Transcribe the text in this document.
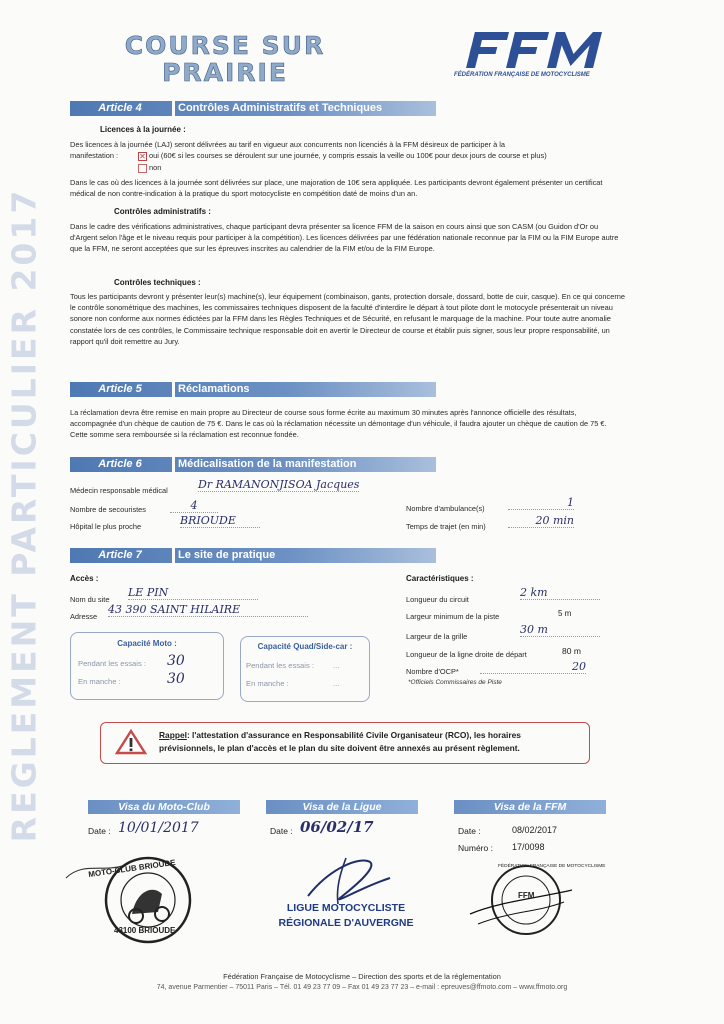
REGLEMENT PARTICULIER 2017
COURSE SUR
PRAIRIE	FÉDÉRATION FRANÇAISE DE MOTOCYCLISME
Article 4	Contrôles Administratifs et Techniques
Licences à la journée :
Des licences à la journée (LAJ) seront délivrées au tarif en vigueur aux concurrents non licenciés à la FFM désireux de participer à la
manifestation :	✕ oui (60€ si les courses se déroulent sur une journée, y compris essais la veille ou 100€ pour deux jours de course et plus)
non
Dans le cas où des licences à la journée sont délivrées sur place, une majoration de 10€ sera appliquée. Les participants devront également présenter un certificat médical de non contre-indication à la pratique du sport motocycliste en compétition daté de moins d'un an.
Contrôles administratifs :
Dans le cadre des vérifications administratives, chaque participant devra présenter sa licence FFM de la saison en cours ainsi que son CASM (ou Guidon d'Or ou d'Argent selon l'âge et le niveau requis pour participer à la compétition). Les licences délivrées par une fédération nationale reconnue par la FIM ou la FIM Europe autre que la FFM, ne seront acceptées que sur les épreuves inscrites au calendrier de la FIM et/ou de la FIM Europe.
Contrôles techniques :
Tous les participants devront y présenter leur(s) machine(s), leur équipement (combinaison, gants, protection dorsale, dossard, botte de cuir, casque). En ce qui concerne le contrôle sonométrique des machines, les commissaires techniques disposent de la faculté d'interdire le départ à tout pilote dont le motocycle présenterait un niveau sonore non conforme aux normes édictées par la FFM dans les Règles Techniques et de Sécurité, en refusant le marquage de la machine. Pour toute autre anomalie constatée lors de ces contrôles, le Commissaire technique responsable doit en avertir le Directeur de course et établir puis signer, sous leur propre responsabilité, un rapport qu'il doit remettre au Jury.
Article 5	Réclamations
La réclamation devra être remise en main propre au Directeur de course sous forme écrite au maximum 30 minutes après l'annonce officielle des résultats, accompagnée d'un chèque de caution de 75 €. Dans le cas où la réclamation nécessite un démontage d'un véhicule, il faudra ajouter un chèque de caution de 75 €. Cette somme sera remboursée si la réclamation est reconnue fondée.
Article 6	Médicalisation de la manifestation
Médecin responsable médical	Dr RAMANONJISOA Jacques
Nombre de secouristes	4
Hôpital le plus proche	BRIOUDE
Nombre d'ambulance(s)	1
Temps de trajet (en min)	20 min
Article 7	Le site de pratique
Accès :
Nom du site
LE PIN
Adresse
43 390 SAINT HILAIRE
Capacité Moto :
Pendant les essais : 30
En manche :	30
Capacité Quad/Side-car :
Pendant les essais :	...
En manche :	...
Caractéristiques :
Longueur du circuit
2 km
Largeur minimum de la piste	5 m
Largeur de la grille
30 m
Longueur de la ligne droite de départ	80 m
Nombre d'OCP*	20
*Officiels Commissaires de Piste
Rappel: l'attestation d'assurance en Responsabilité Civile Organisateur (RCO), les horaires prévisionnels, le plan d'accès et le plan du site doivent être annexés au présent règlement.
Visa du Moto-Club	Visa de la Ligue	Visa de la FFM
Date : 10/01/2017	Date : 06/02/17	Date :	08/02/2017
Numéro : 17/0098
MOTO-CLUB BRIOUDE
43100 BRIOUDE
LIGUE MOTOCYCLISTE
RÉGIONALE D'AUVERGNE
FFM
FÉDÉRATION FRANÇAISE DE MOTOCYCLISME
Fédération Française de Motocyclisme – Direction des sports et de la réglementation
74, avenue Parmentier – 75011 Paris – Tél. 01 49 23 77 09 – Fax 01 49 23 77 23 – e-mail : epreuves@ffmoto.com – www.ffmoto.org
